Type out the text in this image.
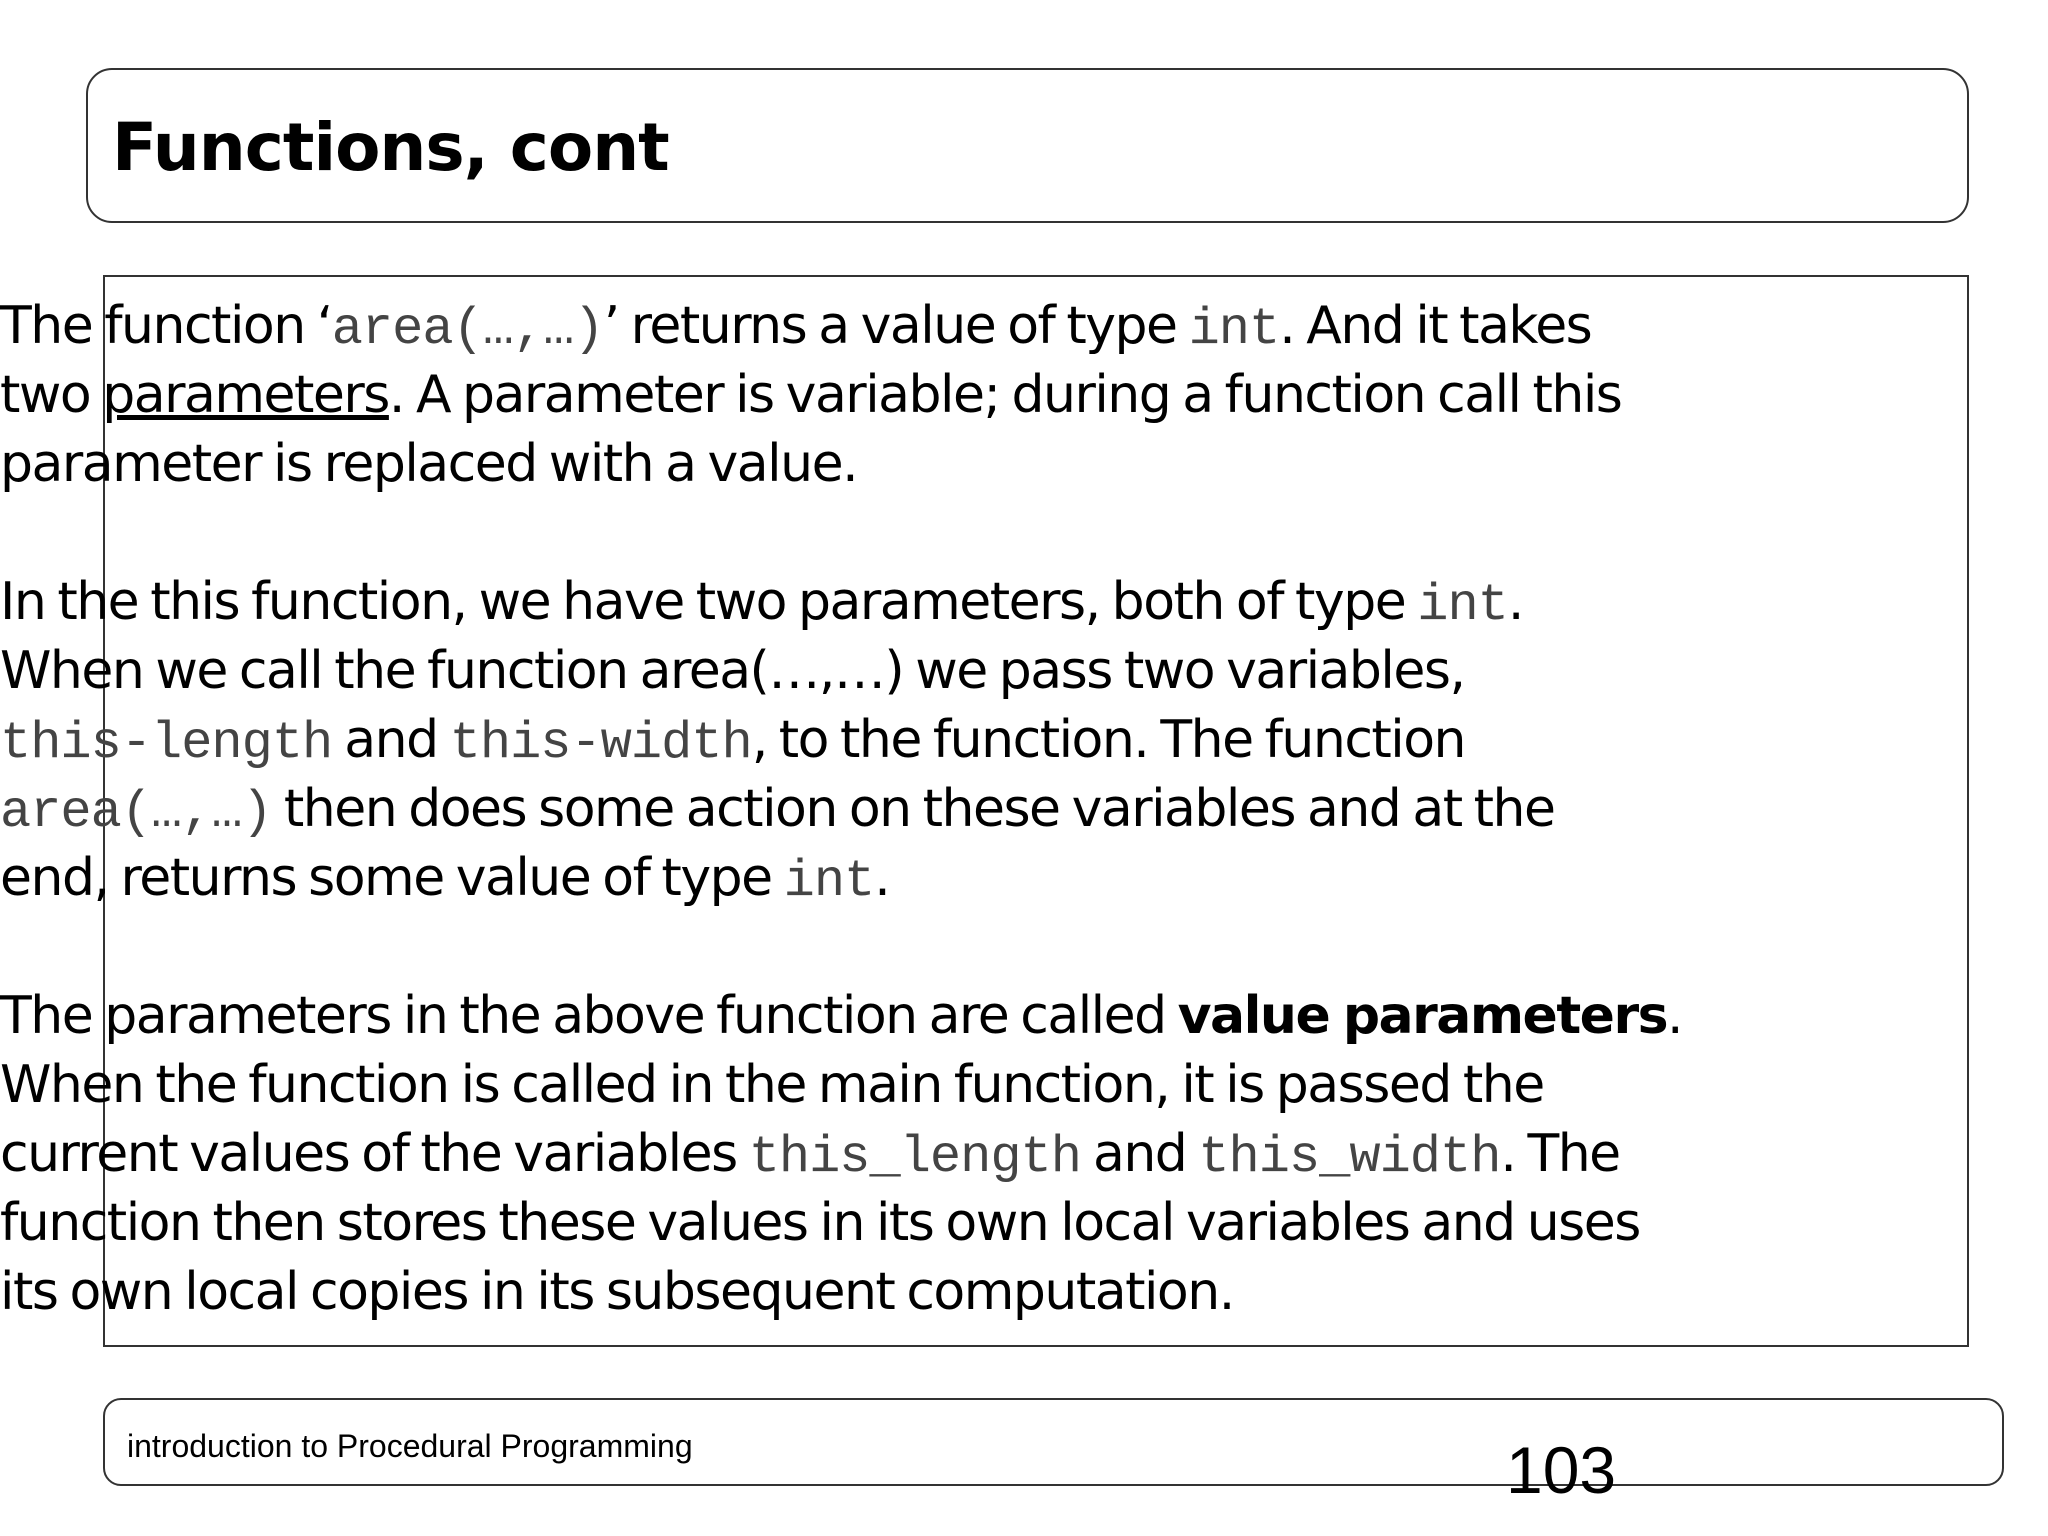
Functions, cont
The function ‘area(…,…)’ returns a value of type int. And it takes
two parameters. A parameter is variable; during a function call this
parameter is replaced with a value.
In the this function, we have two parameters, both of type int.
When we call the function area(…,…) we pass two variables,
this-length and this-width, to the function. The function
area(…,…) then does some action on these variables and at the
end, returns some value of type int.
The parameters in the above function are called value parameters.
When the function is called in the main function, it is passed the
current values of the variables this_length and this_width. The
function then stores these values in its own local variables and uses
its own local copies in its subsequent computation.
introduction to Procedural Programming	103
